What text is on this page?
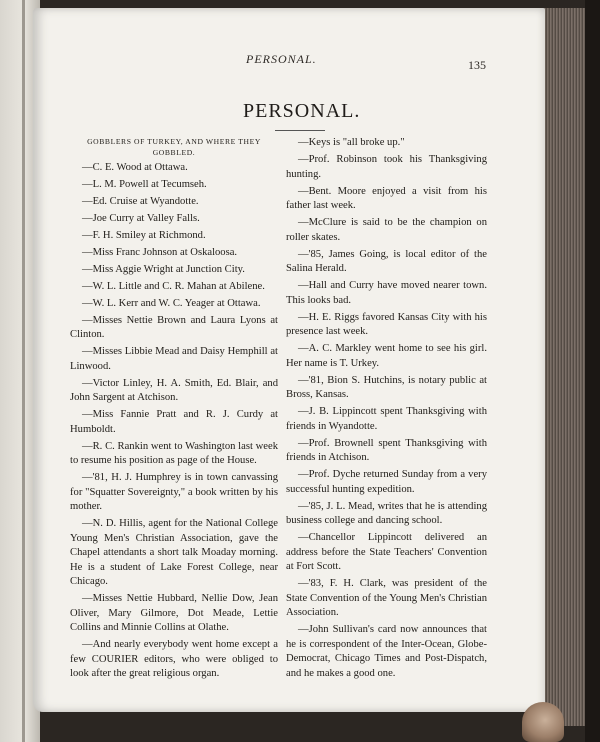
PERSONAL.	135
PERSONAL.

GOBBLERS OF TURKEY, AND WHERE THEY GOBBLED.

—C. E. Wood at Ottawa.

—L. M. Powell at Tecumseh.

—Ed. Cruise at Wyandotte.

—Joe Curry at Valley Falls.

—F. H. Smiley at Richmond.

—Miss Franc Johnson at Oskaloosa.

—Miss Aggie Wright at Junction City.

—W. L. Little and C. R. Mahan at Abilene.

—W. L. Kerr and W. C. Yeager at Ottawa.

—Misses Nettie Brown and Laura Lyons at Clinton.

—Misses Libbie Mead and Daisy Hemphill at Linwood.

—Victor Linley, H. A. Smith, Ed. Blair, and John Sargent at Atchison.

—Miss Fannie Pratt and R. J. Curdy at Humboldt.

—R. C. Rankin went to Washington last week to resume his position as page of the House.

—'81, H. J. Humphrey is in town canvassing for "Squatter Sovereignty," a book written by his mother.

—N. D. Hillis, agent for the National College Young Men's Christian Association, gave the Chapel attendants a short talk Moaday morning. He is a student of Lake Forest College, near Chicago.

—Misses Nettie Hubbard, Nellie Dow, Jean Oliver, Mary Gilmore, Dot Meade, Lettie Collins and Minnie Collins at Olathe.

—And nearly everybody went home except a few COURIER editors, who were obliged to look after the great religious organ.

—Keys is "all broke up."

—Prof. Robinson took his Thanksgiving hunting.

—Bent. Moore enjoyed a visit from his father last week.

—McClure is said to be the champion on roller skates.

—'85, James Going, is local editor of the Salina Herald.

—Hall and Curry have moved nearer town. This looks bad.

—H. E. Riggs favored Kansas City with his presence last week.

—A. C. Markley went home to see his girl. Her name is T. Urkey.

—'81, Bion S. Hutchins, is notary public at Bross, Kansas.

—J. B. Lippincott spent Thanksgiving with friends in Wyandotte.

—Prof. Brownell spent Thanksgiving with friends in Atchison.

—Prof. Dyche returned Sunday from a very successful hunting expedition.

—'85, J. L. Mead, writes that he is attending business college and dancing school.

—Chancellor Lippincott delivered an address before the State Teachers' Convention at Fort Scott.

—'83, F. H. Clark, was president of the State Convention of the Young Men's Christian Association.

—John Sullivan's card now announces that he is correspondent of the Inter-Ocean, Globe-Democrat, Chicago Times and Post-Dispatch, and he makes a good one.
